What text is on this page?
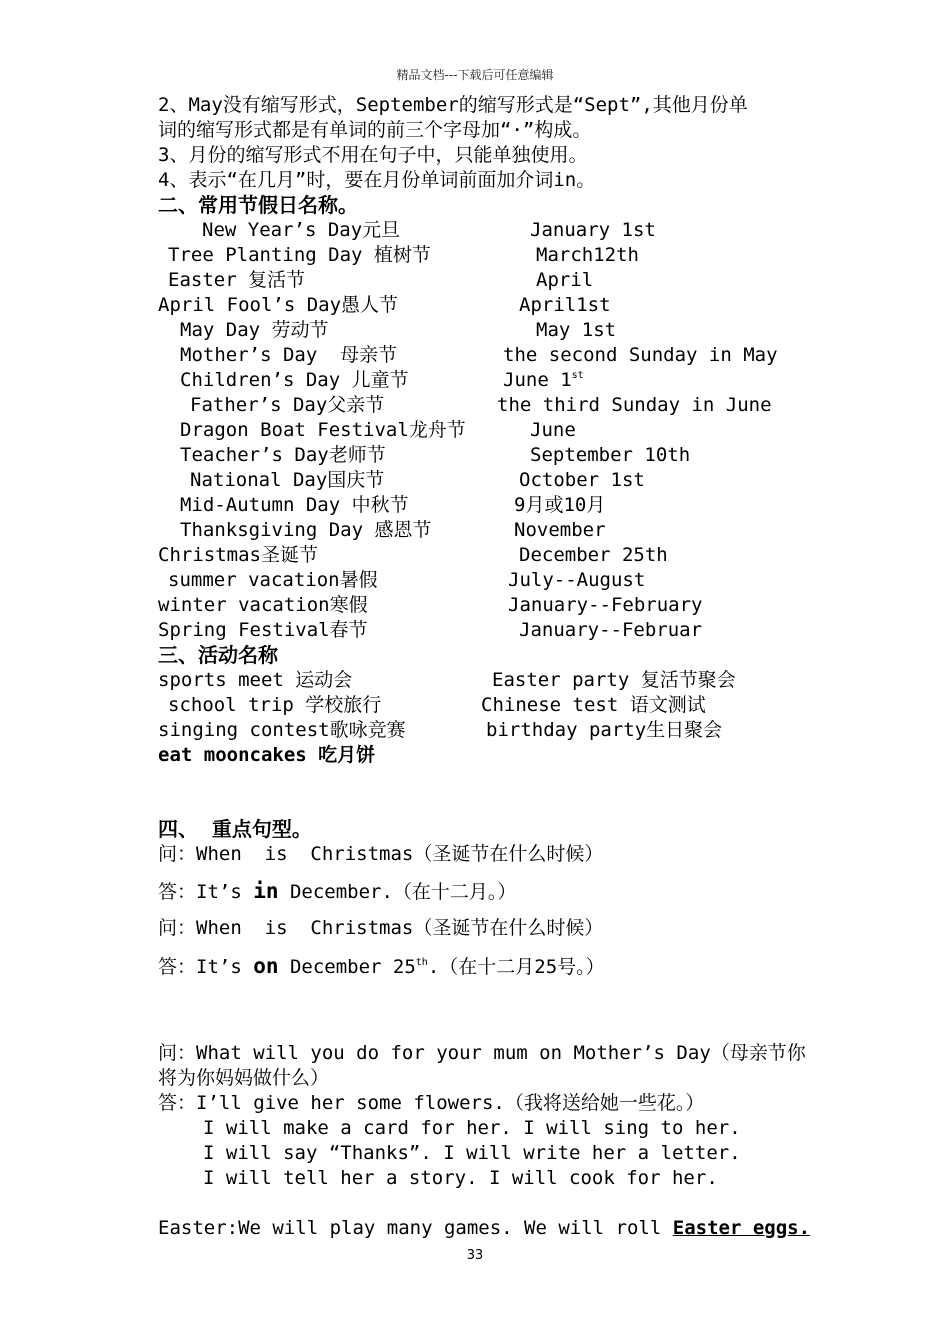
精品文档---下载后可任意编辑
2、May没有缩写形式，September的缩写形式是“Sept”,其他月份单
词的缩写形式都是有单词的前三个字母加“·”构成。
3、月份的缩写形式不用在句子中，只能单独使用。
4、表示“在几月”时，要在月份单词前面加介词in。
二、常用节假日名称。
New Year’s Day元旦	January 1st
Tree Planting Day 植树节	March12th
Easter 复活节	April
April Fool’s Day愚人节	April1st
May Day 劳动节	May 1st
Mother’s Day  母亲节	the second Sunday in May
Children’s Day 儿童节	June 1st
Father’s Day父亲节	the third Sunday in June
Dragon Boat Festival龙舟节	June
Teacher’s Day老师节	September 10th
National Day国庆节	October 1st
Mid-Autumn Day 中秋节	9月或10月
Thanksgiving Day 感恩节	November
Christmas圣诞节	December 25th
summer vacation暑假	July--August
winter vacation寒假	January--February
Spring Festival春节	January--Februar
三、活动名称
sports meet 运动会	Easter party 复活节聚会
school trip 学校旅行	Chinese test 语文测试
singing contest歌咏竞赛	birthday party生日聚会
eat mooncakes 吃月饼
四、  重点句型。
问：When  is  Christmas（圣诞节在什么时候）
答：It’s in December.（在十二月。）
问：When  is  Christmas（圣诞节在什么时候）
答：It’s on December 25th.（在十二月25号。）
问：What will you do for your mum on Mother’s Day（母亲节你
将为你妈妈做什么）
答：I’ll give her some flowers.（我将送给她一些花。）
I will make a card for her. I will sing to her.
I will say “Thanks”. I will write her a letter.
I will tell her a story. I will cook for her.
Easter:We will play many games. We will roll Easter eggs.
33
